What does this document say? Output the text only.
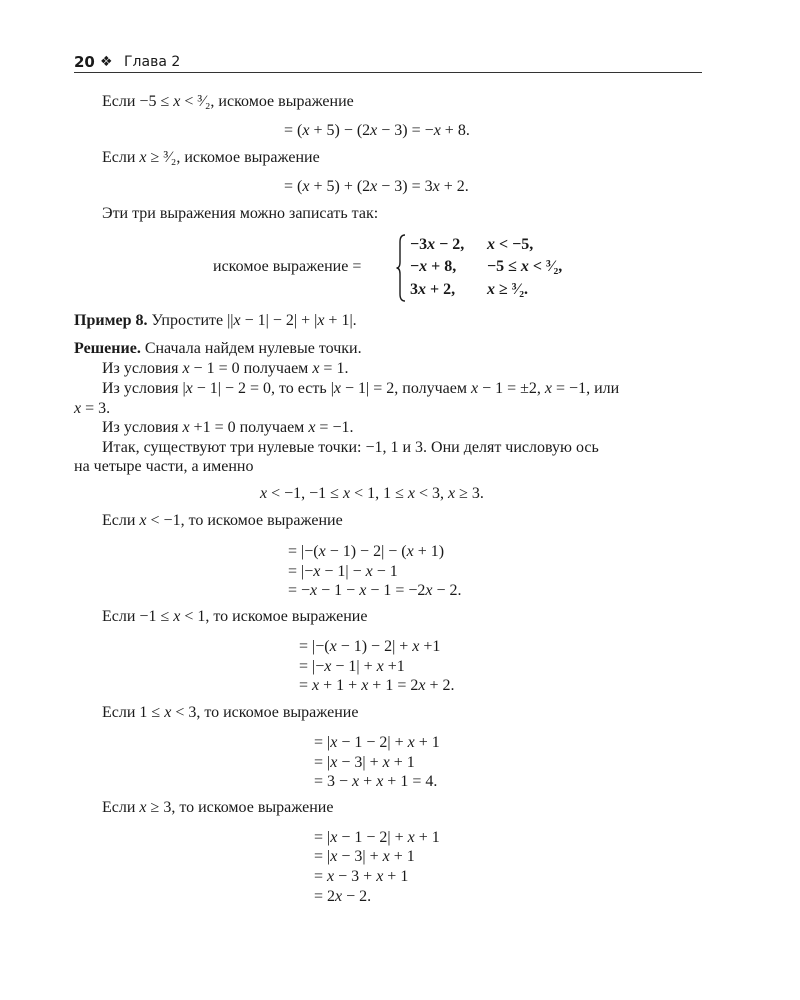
20 ❖ Глава 2
Если −5 ≤ x < ³⁄₂, искомое выражение
= (x + 5) − (2x − 3) = −x + 8.
Если x ≥ ³⁄₂, искомое выражение
= (x + 5) + (2x − 3) = 3x + 2.
Эти три выражения можно записать так:
искомое выражение =
−3x − 2, x < −5,
−x + 8, −5 ≤ x < ³⁄₂,
3x + 2, x ≥ ³⁄₂.
Пример 8. Упростите ||x − 1| − 2| + |x + 1|.
Решение. Сначала найдем нулевые точки.
Из условия x − 1 = 0 получаем x = 1.
Из условия |x − 1| − 2 = 0, то есть |x − 1| = 2, получаем x − 1 = ±2, x = −1, или
x = 3.
Из условия x +1 = 0 получаем x = −1.
Итак, существуют три нулевые точки: −1, 1 и 3. Они делят числовую ось
на четыре части, а именно
x < −1, −1 ≤ x < 1, 1 ≤ x < 3, x ≥ 3.
Если x < −1, то искомое выражение
= |−(x − 1) − 2| − (x + 1)
= |−x − 1| − x − 1
= −x − 1 − x − 1 = −2x − 2.
Если −1 ≤ x < 1, то искомое выражение
= |−(x − 1) − 2| + x +1
= |−x − 1| + x +1
= x + 1 + x + 1 = 2x + 2.
Если 1 ≤ x < 3, то искомое выражение
= |x − 1 − 2| + x + 1
= |x − 3| + x + 1
= 3 − x + x + 1 = 4.
Если x ≥ 3, то искомое выражение
= |x − 1 − 2| + x + 1
= |x − 3| + x + 1
= x − 3 + x + 1
= 2x − 2.
